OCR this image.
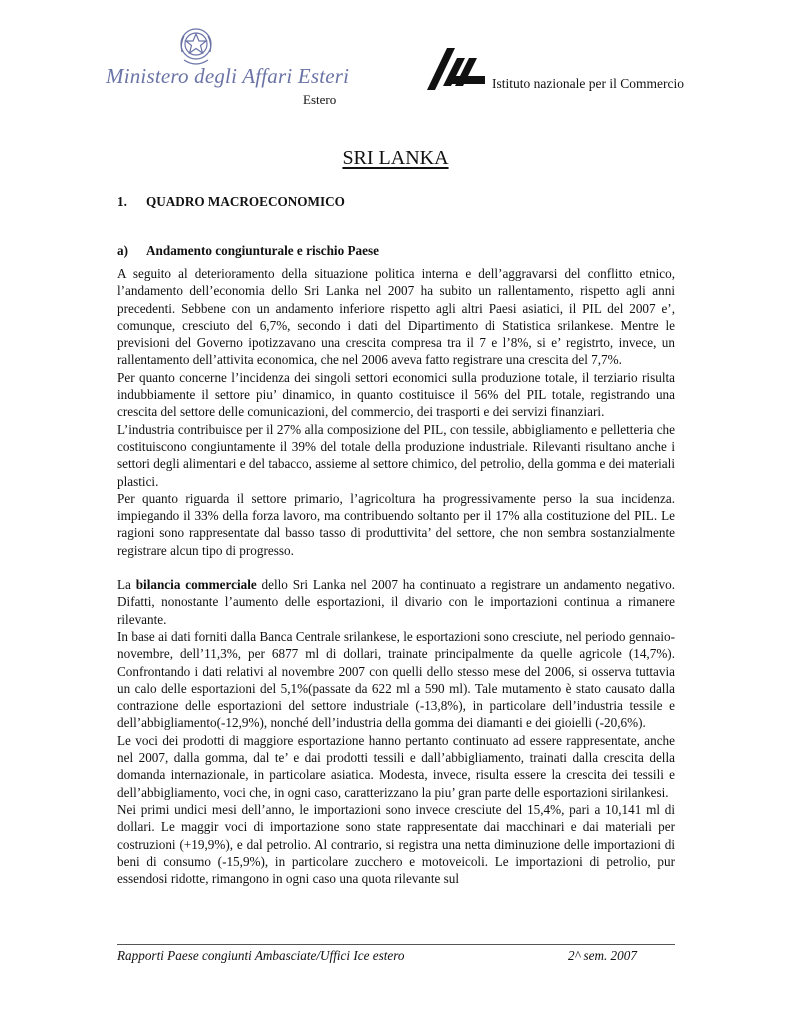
Ministero degli Affari Esteri
Estero
Istituto nazionale per il Commercio
SRI LANKA
1. QUADRO MACROECONOMICO
a) Andamento congiunturale e rischio Paese

A seguito al deterioramento della situazione politica interna e dell’aggravarsi del conflitto etnico, l’andamento dell’economia dello Sri Lanka nel 2007 ha subito un rallentamento, rispetto agli anni precedenti. Sebbene con un andamento inferiore rispetto agli altri Paesi asiatici, il PIL del 2007 e’, comunque, cresciuto del 6,7%, secondo i dati del Dipartimento di Statistica srilankese. Mentre le previsioni del Governo ipotizzavano una crescita compresa tra il 7 e l’8%, si e’ registrto, invece, un rallentamento dell’attivita economica, che nel 2006 aveva fatto registrare una crescita del 7,7%.

Per quanto concerne l’incidenza dei singoli settori economici sulla produzione totale, il terziario risulta indubbiamente il settore piu’ dinamico, in quanto costituisce il 56% del PIL totale, registrando una crescita del settore delle comunicazioni, del commercio, dei trasporti e dei servizi finanziari.

L’industria contribuisce per il 27% alla composizione del PIL, con tessile, abbigliamento e pelletteria che costituiscono congiuntamente il 39% del totale della produzione industriale. Rilevanti risultano anche i settori degli alimentari e del tabacco, assieme al settore chimico, del petrolio, della gomma e dei materiali plastici.

Per quanto riguarda il settore primario, l’agricoltura ha progressivamente perso la sua incidenza. impiegando il 33% della forza lavoro, ma contribuendo soltanto per il 17% alla costituzione del PIL. Le ragioni sono rappresentate dal basso tasso di produttivita’ del settore, che non sembra sostanzialmente registrare alcun tipo di progresso.

La bilancia commerciale dello Sri Lanka nel 2007 ha continuato a registrare un andamento negativo. Difatti, nonostante l’aumento delle esportazioni, il divario con le importazioni continua a rimanere rilevante.

In base ai dati forniti dalla Banca Centrale srilankese, le esportazioni sono cresciute, nel periodo gennaio-novembre, dell’11,3%, per 6877 ml di dollari, trainate principalmente da quelle agricole (14,7%). Confrontando i dati relativi al novembre 2007 con quelli dello stesso mese del 2006, si osserva tuttavia un calo delle esportazioni del 5,1%(passate da 622 ml a 590 ml). Tale mutamento è stato causato dalla contrazione delle esportazioni del settore industriale (-13,8%), in particolare dell’industria tessile e dell’abbigliamento(-12,9%), nonché dell’industria della gomma dei diamanti e dei gioielli (-20,6%).

Le voci dei prodotti di maggiore esportazione hanno pertanto continuato ad essere rappresentate, anche nel 2007, dalla gomma, dal te’ e dai prodotti tessili e dall’abbigliamento, trainati dalla crescita della domanda internazionale, in particolare asiatica. Modesta, invece, risulta essere la crescita dei tessili e dell’abbigliamento, voci che, in ogni caso, caratterizzano la piu’ gran parte delle esportazioni sirilankesi.

Nei primi undici mesi dell’anno, le importazioni sono invece cresciute del 15,4%, pari a 10,141 ml di dollari. Le maggir voci di importazione sono state rappresentate dai macchinari e dai materiali per costruzioni (+19,9%), e dal petrolio. Al contrario, si registra una netta diminuzione delle importazioni di beni di consumo (-15,9%), in particolare zucchero e motoveicoli. Le importazioni di petrolio, pur essendosi ridotte, rimangono in ogni caso una quota rilevante sul

Rapporti Paese congiunti Ambasciate/Uffici Ice estero	2^ sem. 2007
